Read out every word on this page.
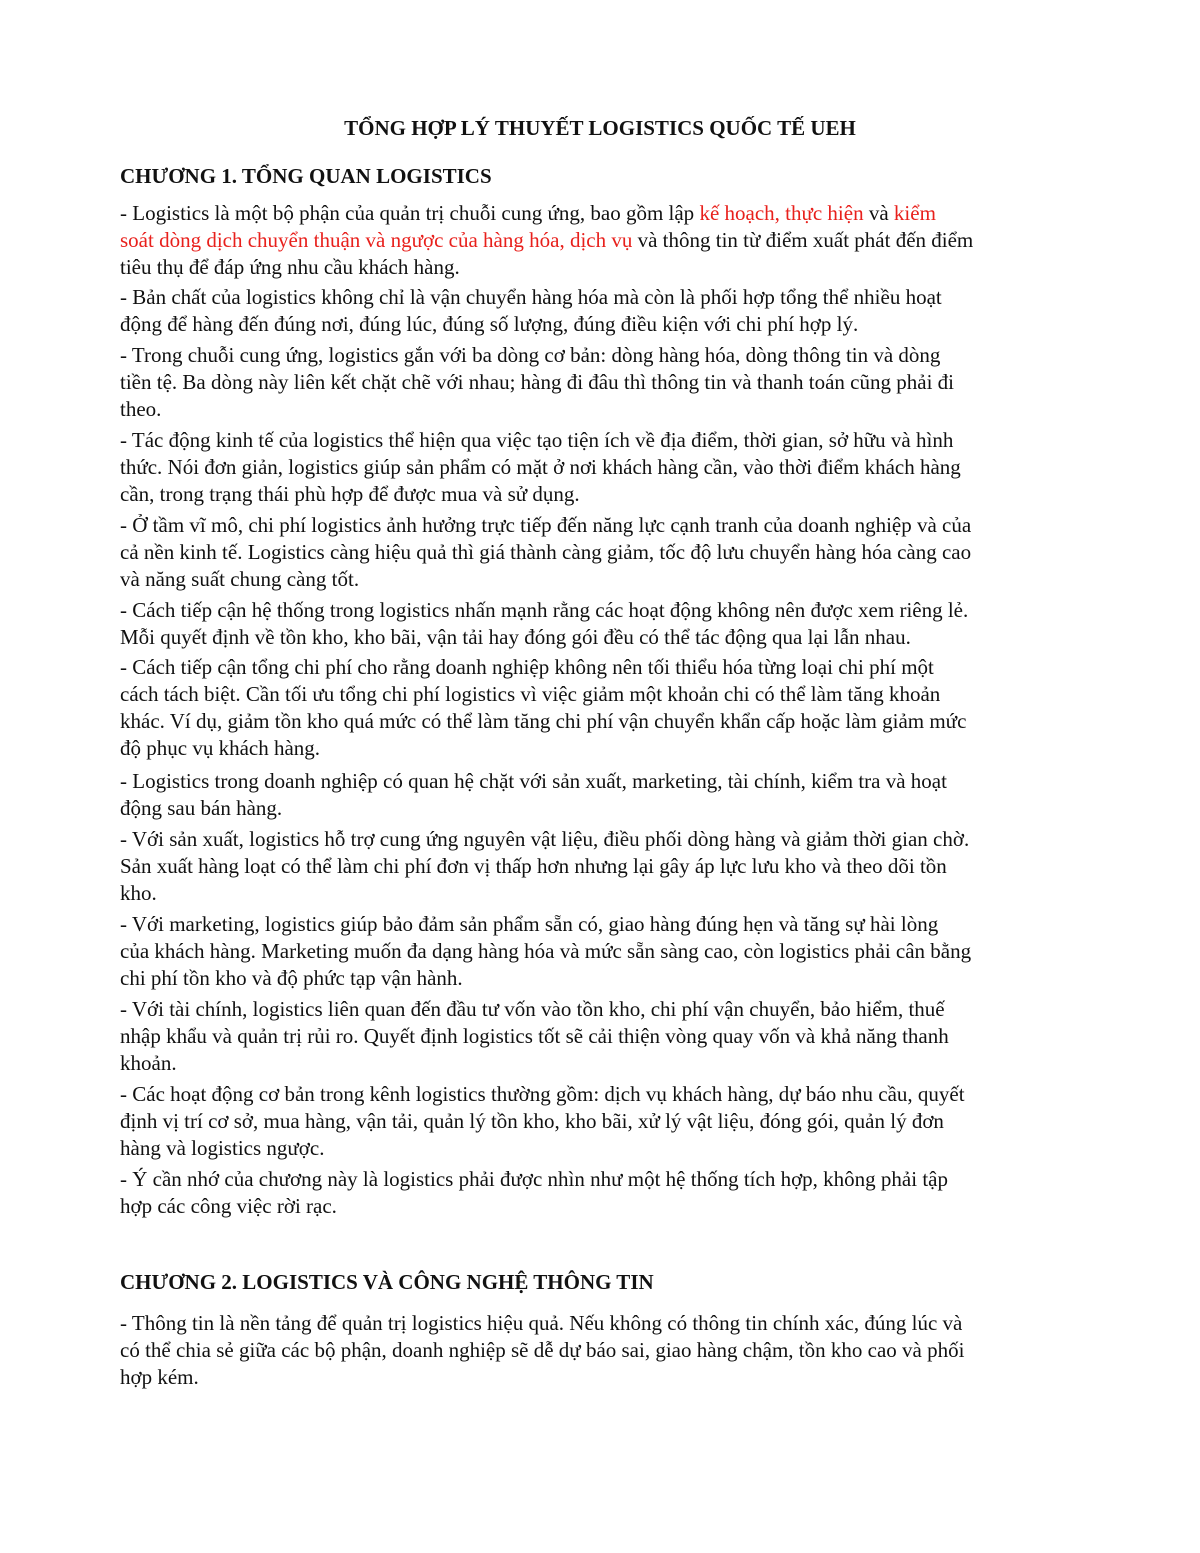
TỔNG HỢP LÝ THUYẾT LOGISTICS QUỐC TẾ UEH
CHƯƠNG 1. TỔNG QUAN LOGISTICS
- Logistics là một bộ phận của quản trị chuỗi cung ứng, bao gồm lập kế hoạch, thực hiện và kiểm
soát dòng dịch chuyển thuận và ngược của hàng hóa, dịch vụ và thông tin từ điểm xuất phát đến điểm
tiêu thụ để đáp ứng nhu cầu khách hàng.
- Bản chất của logistics không chỉ là vận chuyển hàng hóa mà còn là phối hợp tổng thể nhiều hoạt
động để hàng đến đúng nơi, đúng lúc, đúng số lượng, đúng điều kiện với chi phí hợp lý.
- Trong chuỗi cung ứng, logistics gắn với ba dòng cơ bản: dòng hàng hóa, dòng thông tin và dòng
tiền tệ. Ba dòng này liên kết chặt chẽ với nhau; hàng đi đâu thì thông tin và thanh toán cũng phải đi
theo.
- Tác động kinh tế của logistics thể hiện qua việc tạo tiện ích về địa điểm, thời gian, sở hữu và hình
thức. Nói đơn giản, logistics giúp sản phẩm có mặt ở nơi khách hàng cần, vào thời điểm khách hàng
cần, trong trạng thái phù hợp để được mua và sử dụng.
- Ở tầm vĩ mô, chi phí logistics ảnh hưởng trực tiếp đến năng lực cạnh tranh của doanh nghiệp và của
cả nền kinh tế. Logistics càng hiệu quả thì giá thành càng giảm, tốc độ lưu chuyển hàng hóa càng cao
và năng suất chung càng tốt.
- Cách tiếp cận hệ thống trong logistics nhấn mạnh rằng các hoạt động không nên được xem riêng lẻ.
Mỗi quyết định về tồn kho, kho bãi, vận tải hay đóng gói đều có thể tác động qua lại lẫn nhau.
- Cách tiếp cận tổng chi phí cho rằng doanh nghiệp không nên tối thiểu hóa từng loại chi phí một
cách tách biệt. Cần tối ưu tổng chi phí logistics vì việc giảm một khoản chi có thể làm tăng khoản
khác. Ví dụ, giảm tồn kho quá mức có thể làm tăng chi phí vận chuyển khẩn cấp hoặc làm giảm mức
độ phục vụ khách hàng.
- Logistics trong doanh nghiệp có quan hệ chặt với sản xuất, marketing, tài chính, kiểm tra và hoạt
động sau bán hàng.
- Với sản xuất, logistics hỗ trợ cung ứng nguyên vật liệu, điều phối dòng hàng và giảm thời gian chờ.
Sản xuất hàng loạt có thể làm chi phí đơn vị thấp hơn nhưng lại gây áp lực lưu kho và theo dõi tồn
kho.
- Với marketing, logistics giúp bảo đảm sản phẩm sẵn có, giao hàng đúng hẹn và tăng sự hài lòng
của khách hàng. Marketing muốn đa dạng hàng hóa và mức sẵn sàng cao, còn logistics phải cân bằng
chi phí tồn kho và độ phức tạp vận hành.
- Với tài chính, logistics liên quan đến đầu tư vốn vào tồn kho, chi phí vận chuyển, bảo hiểm, thuế
nhập khẩu và quản trị rủi ro. Quyết định logistics tốt sẽ cải thiện vòng quay vốn và khả năng thanh
khoản.
- Các hoạt động cơ bản trong kênh logistics thường gồm: dịch vụ khách hàng, dự báo nhu cầu, quyết
định vị trí cơ sở, mua hàng, vận tải, quản lý tồn kho, kho bãi, xử lý vật liệu, đóng gói, quản lý đơn
hàng và logistics ngược.
- Ý cần nhớ của chương này là logistics phải được nhìn như một hệ thống tích hợp, không phải tập
hợp các công việc rời rạc.
CHƯƠNG 2. LOGISTICS VÀ CÔNG NGHỆ THÔNG TIN
- Thông tin là nền tảng để quản trị logistics hiệu quả. Nếu không có thông tin chính xác, đúng lúc và
có thể chia sẻ giữa các bộ phận, doanh nghiệp sẽ dễ dự báo sai, giao hàng chậm, tồn kho cao và phối
hợp kém.
